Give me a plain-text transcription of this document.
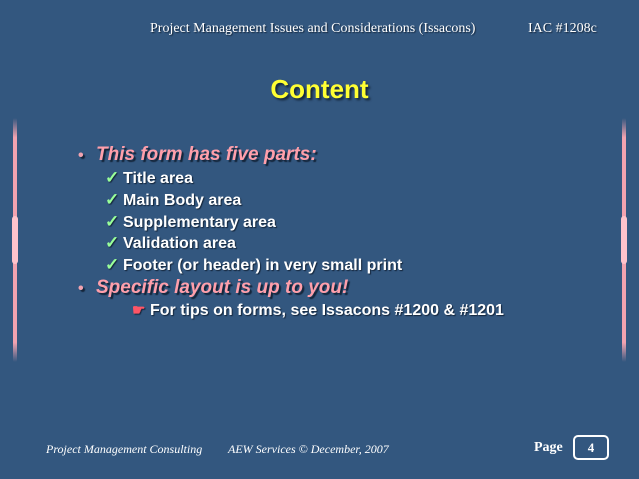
Project Management Issues and Considerations (Issacons)	IAC #1208c
Content
• This form has five parts:
✓ Title area
✓ Main Body area
✓ Supplementary area
✓ Validation area
✓ Footer (or header) in very small print
• Specific layout is up to you!
☛ For tips on forms, see Issacons #1200 & #1201
Project Management Consulting AEW Services © December, 2007	Page	4
